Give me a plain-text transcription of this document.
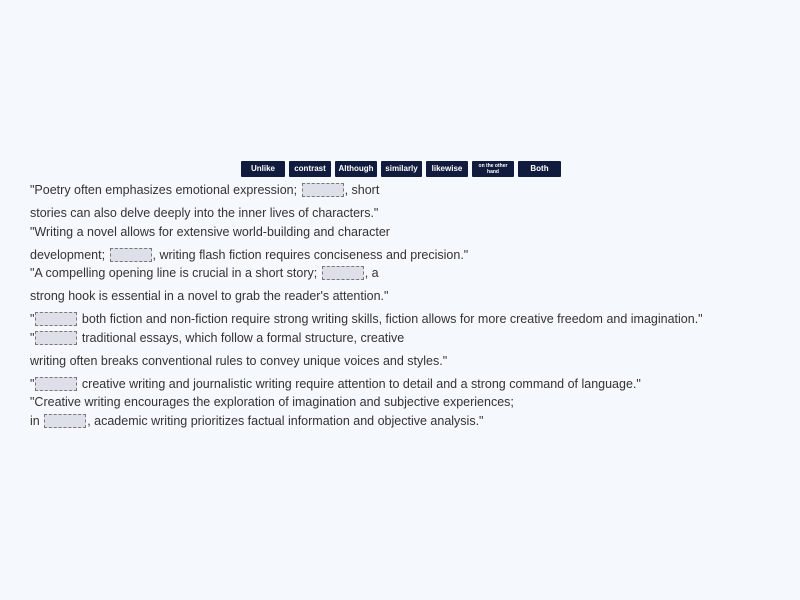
Unlike	contrast	Although	similarly	likewise	on the other hand	Both
"Poetry often emphasizes emotional expression;	, short
stories can also delve deeply into the inner lives of characters."
"Writing a novel allows for extensive world-building and character
development;	, writing flash fiction requires conciseness and precision."
"A compelling opening line is crucial in a short story;	, a
strong hook is essential in a novel to grab the reader's attention."
"	both fiction and non-fiction require strong writing skills, fiction allows for more creative freedom and imagination."
"	traditional essays, which follow a formal structure, creative
writing often breaks conventional rules to convey unique voices and styles."
"	creative writing and journalistic writing require attention to detail and a strong command of language."
"Creative writing encourages the exploration of imagination and subjective experiences;
in	, academic writing prioritizes factual information and objective analysis."
